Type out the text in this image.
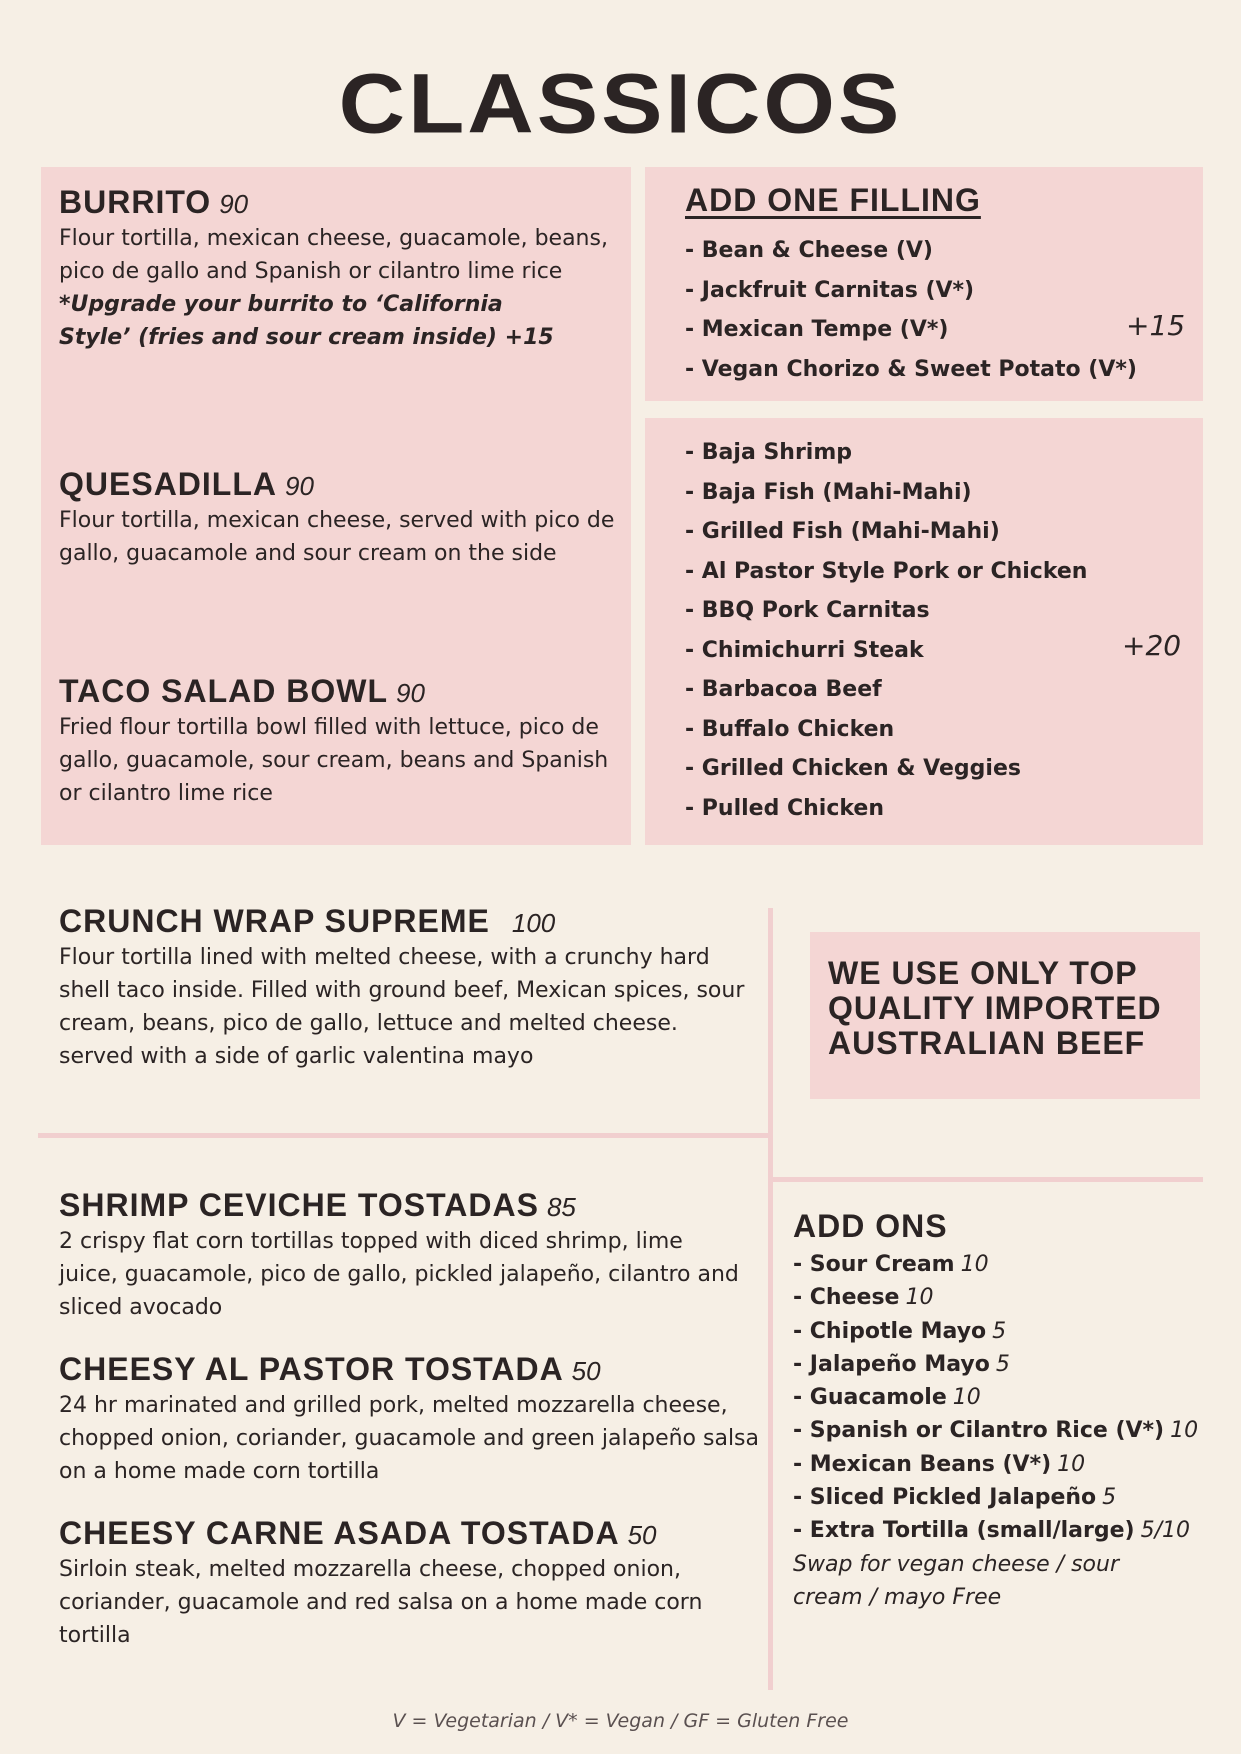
CLASSICOS
BURRITO 90
Flour tortilla, mexican cheese, guacamole, beans, pico de gallo and Spanish or cilantro lime rice
*Upgrade your burrito to ‘California Style’ (fries and sour cream inside) +15
QUESADILLA 90
Flour tortilla, mexican cheese, served with pico de gallo, guacamole and sour cream on the side
TACO SALAD BOWL 90
Fried flour tortilla bowl filled with lettuce, pico de gallo, guacamole, sour cream, beans and Spanish or cilantro lime rice
ADD ONE FILLING
- Bean & Cheese (V)
- Jackfruit Carnitas (V*)
- Mexican Tempe (V*)
- Vegan Chorizo & Sweet Potato (V*)
+15
- Baja Shrimp
- Baja Fish (Mahi-Mahi)
- Grilled Fish (Mahi-Mahi)
- Al Pastor Style Pork or Chicken
- BBQ Pork Carnitas
- Chimichurri Steak
- Barbacoa Beef
- Buffalo Chicken
- Grilled Chicken & Veggies
- Pulled Chicken
+20
CRUNCH WRAP SUPREME 100
Flour tortilla lined with melted cheese, with a crunchy hard shell taco inside. Filled with ground beef, Mexican spices, sour cream, beans, pico de gallo, lettuce and melted cheese. served with a side of garlic valentina mayo
WE USE ONLY TOP QUALITY IMPORTED AUSTRALIAN BEEF
SHRIMP CEVICHE TOSTADAS 85
2 crispy flat corn tortillas topped with diced shrimp, lime juice, guacamole, pico de gallo, pickled jalapeño, cilantro and sliced avocado
CHEESY AL PASTOR TOSTADA 50
24 hr marinated and grilled pork, melted mozzarella cheese, chopped onion, coriander, guacamole and green jalapeño salsa on a home made corn tortilla
CHEESY CARNE ASADA TOSTADA 50
Sirloin steak, melted mozzarella cheese, chopped onion, coriander, guacamole and red salsa on a home made corn tortilla
ADD ONS
- Sour Cream 10
- Cheese 10
- Chipotle Mayo 5
- Jalapeño Mayo 5
- Guacamole 10
- Spanish or Cilantro Rice (V*) 10
- Mexican Beans (V*) 10
- Sliced Pickled Jalapeño 5
- Extra Tortilla (small/large) 5/10
Swap for vegan cheese / sour cream / mayo Free
V = Vegetarian / V* = Vegan / GF = Gluten Free
